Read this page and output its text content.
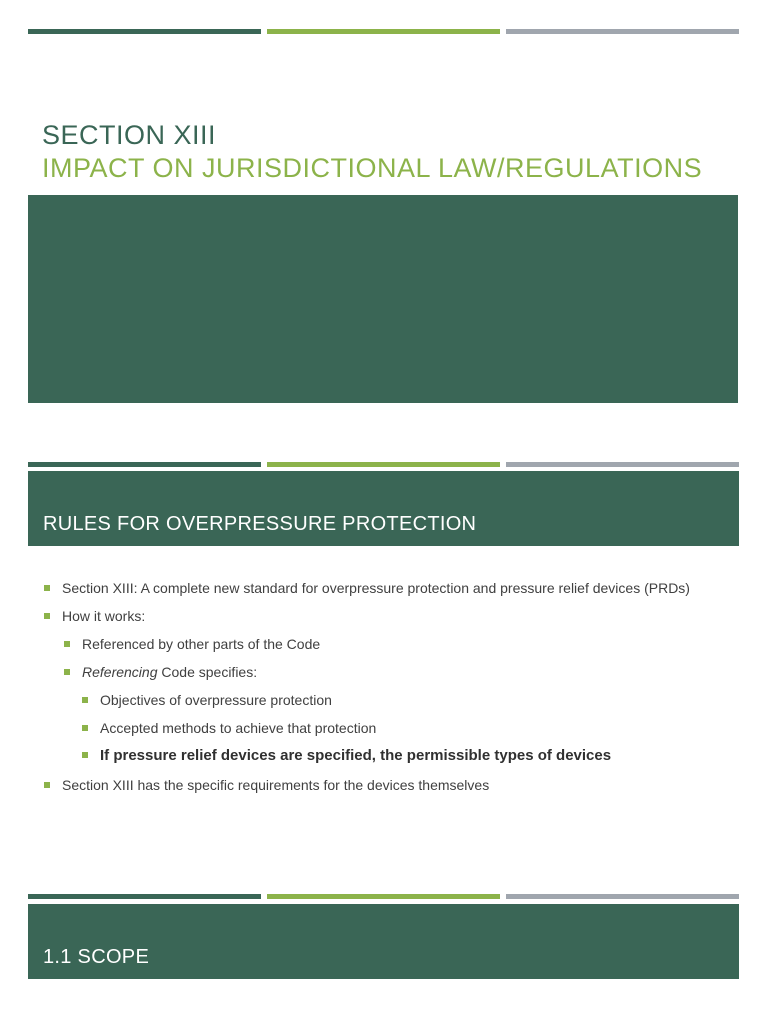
SECTION XIII
IMPACT ON JURISDICTIONAL LAW/REGULATIONS
RULES FOR OVERPRESSURE PROTECTION
Section XIII: A complete new standard for overpressure protection and pressure relief devices (PRDs)
How it works:
Referenced by other parts of the Code
Referencing Code specifies:
Objectives of overpressure protection
Accepted methods to achieve that protection
If pressure relief devices are specified, the permissible types of devices
Section XIII has the specific requirements for the devices themselves
1.1 SCOPE
